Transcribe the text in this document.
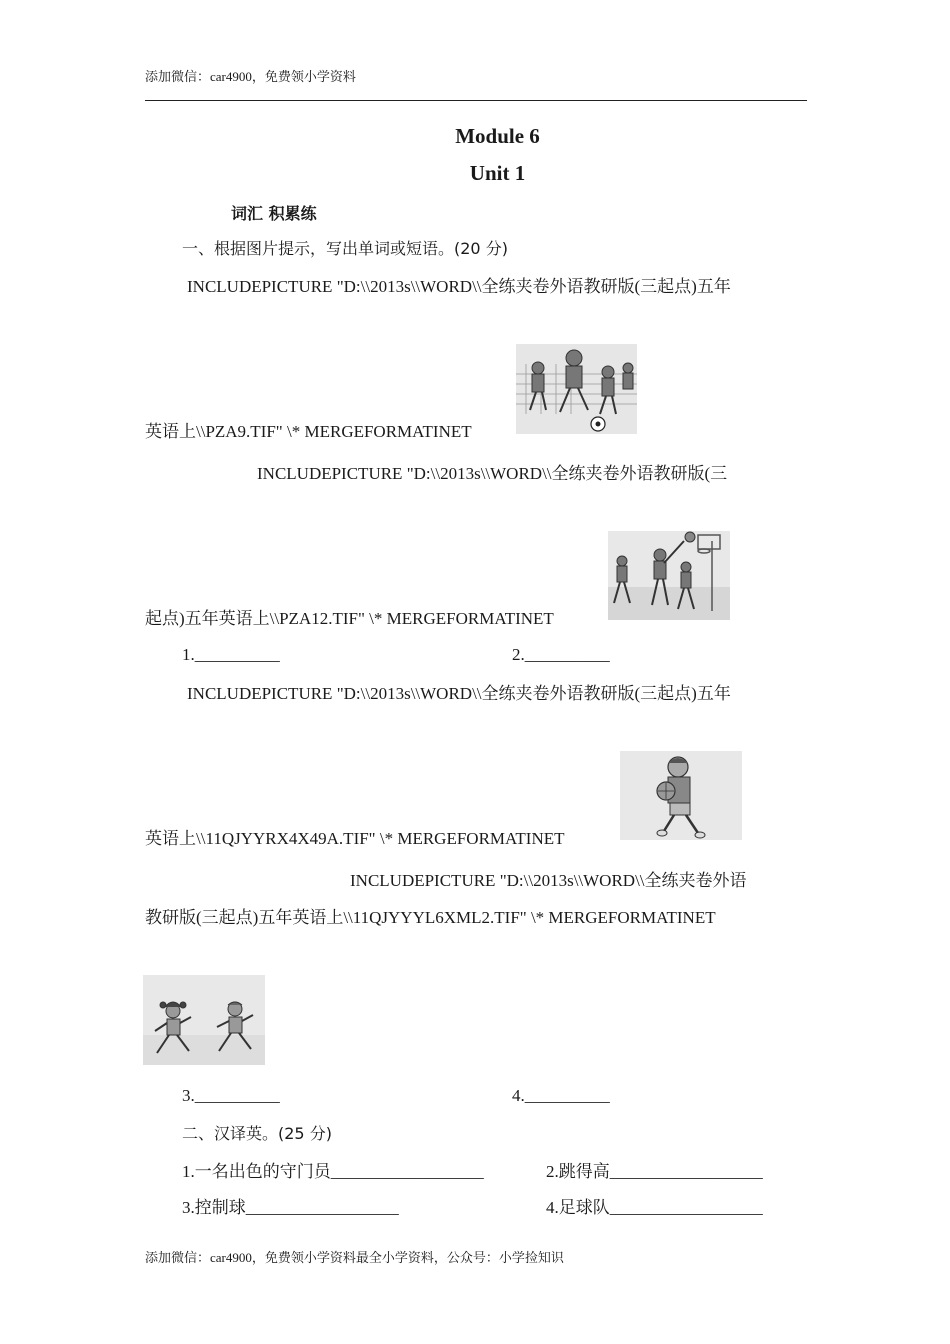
添加微信：car4900，免费领小学资料
Module 6
Unit 1
词汇 积累练
一、根据图片提示，写出单词或短语。(20 分)
INCLUDEPICTURE "D:\\2013s\\WORD\\全练夹卷外语教研版(三起点)五年
英语上\\PZA9.TIF" \* MERGEFORMATINET
INCLUDEPICTURE "D:\\2013s\\WORD\\全练夹卷外语教研版(三
起点)五年英语上\\PZA12.TIF" \* MERGEFORMATINET
1.__________	2.__________
INCLUDEPICTURE "D:\\2013s\\WORD\\全练夹卷外语教研版(三起点)五年
英语上\\11QJYYRX4X49A.TIF" \* MERGEFORMATINET
INCLUDEPICTURE "D:\\2013s\\WORD\\全练夹卷外语
教研版(三起点)五年英语上\\11QJYYYL6XML2.TIF" \* MERGEFORMATINET
3.__________	4.__________
二、汉译英。(25 分)
1.一名出色的守门员__________________	2.跳得高__________________
3.控制球__________________	4.足球队__________________
添加微信：car4900，免费领小学资料最全小学资料，公众号：小学捡知识
